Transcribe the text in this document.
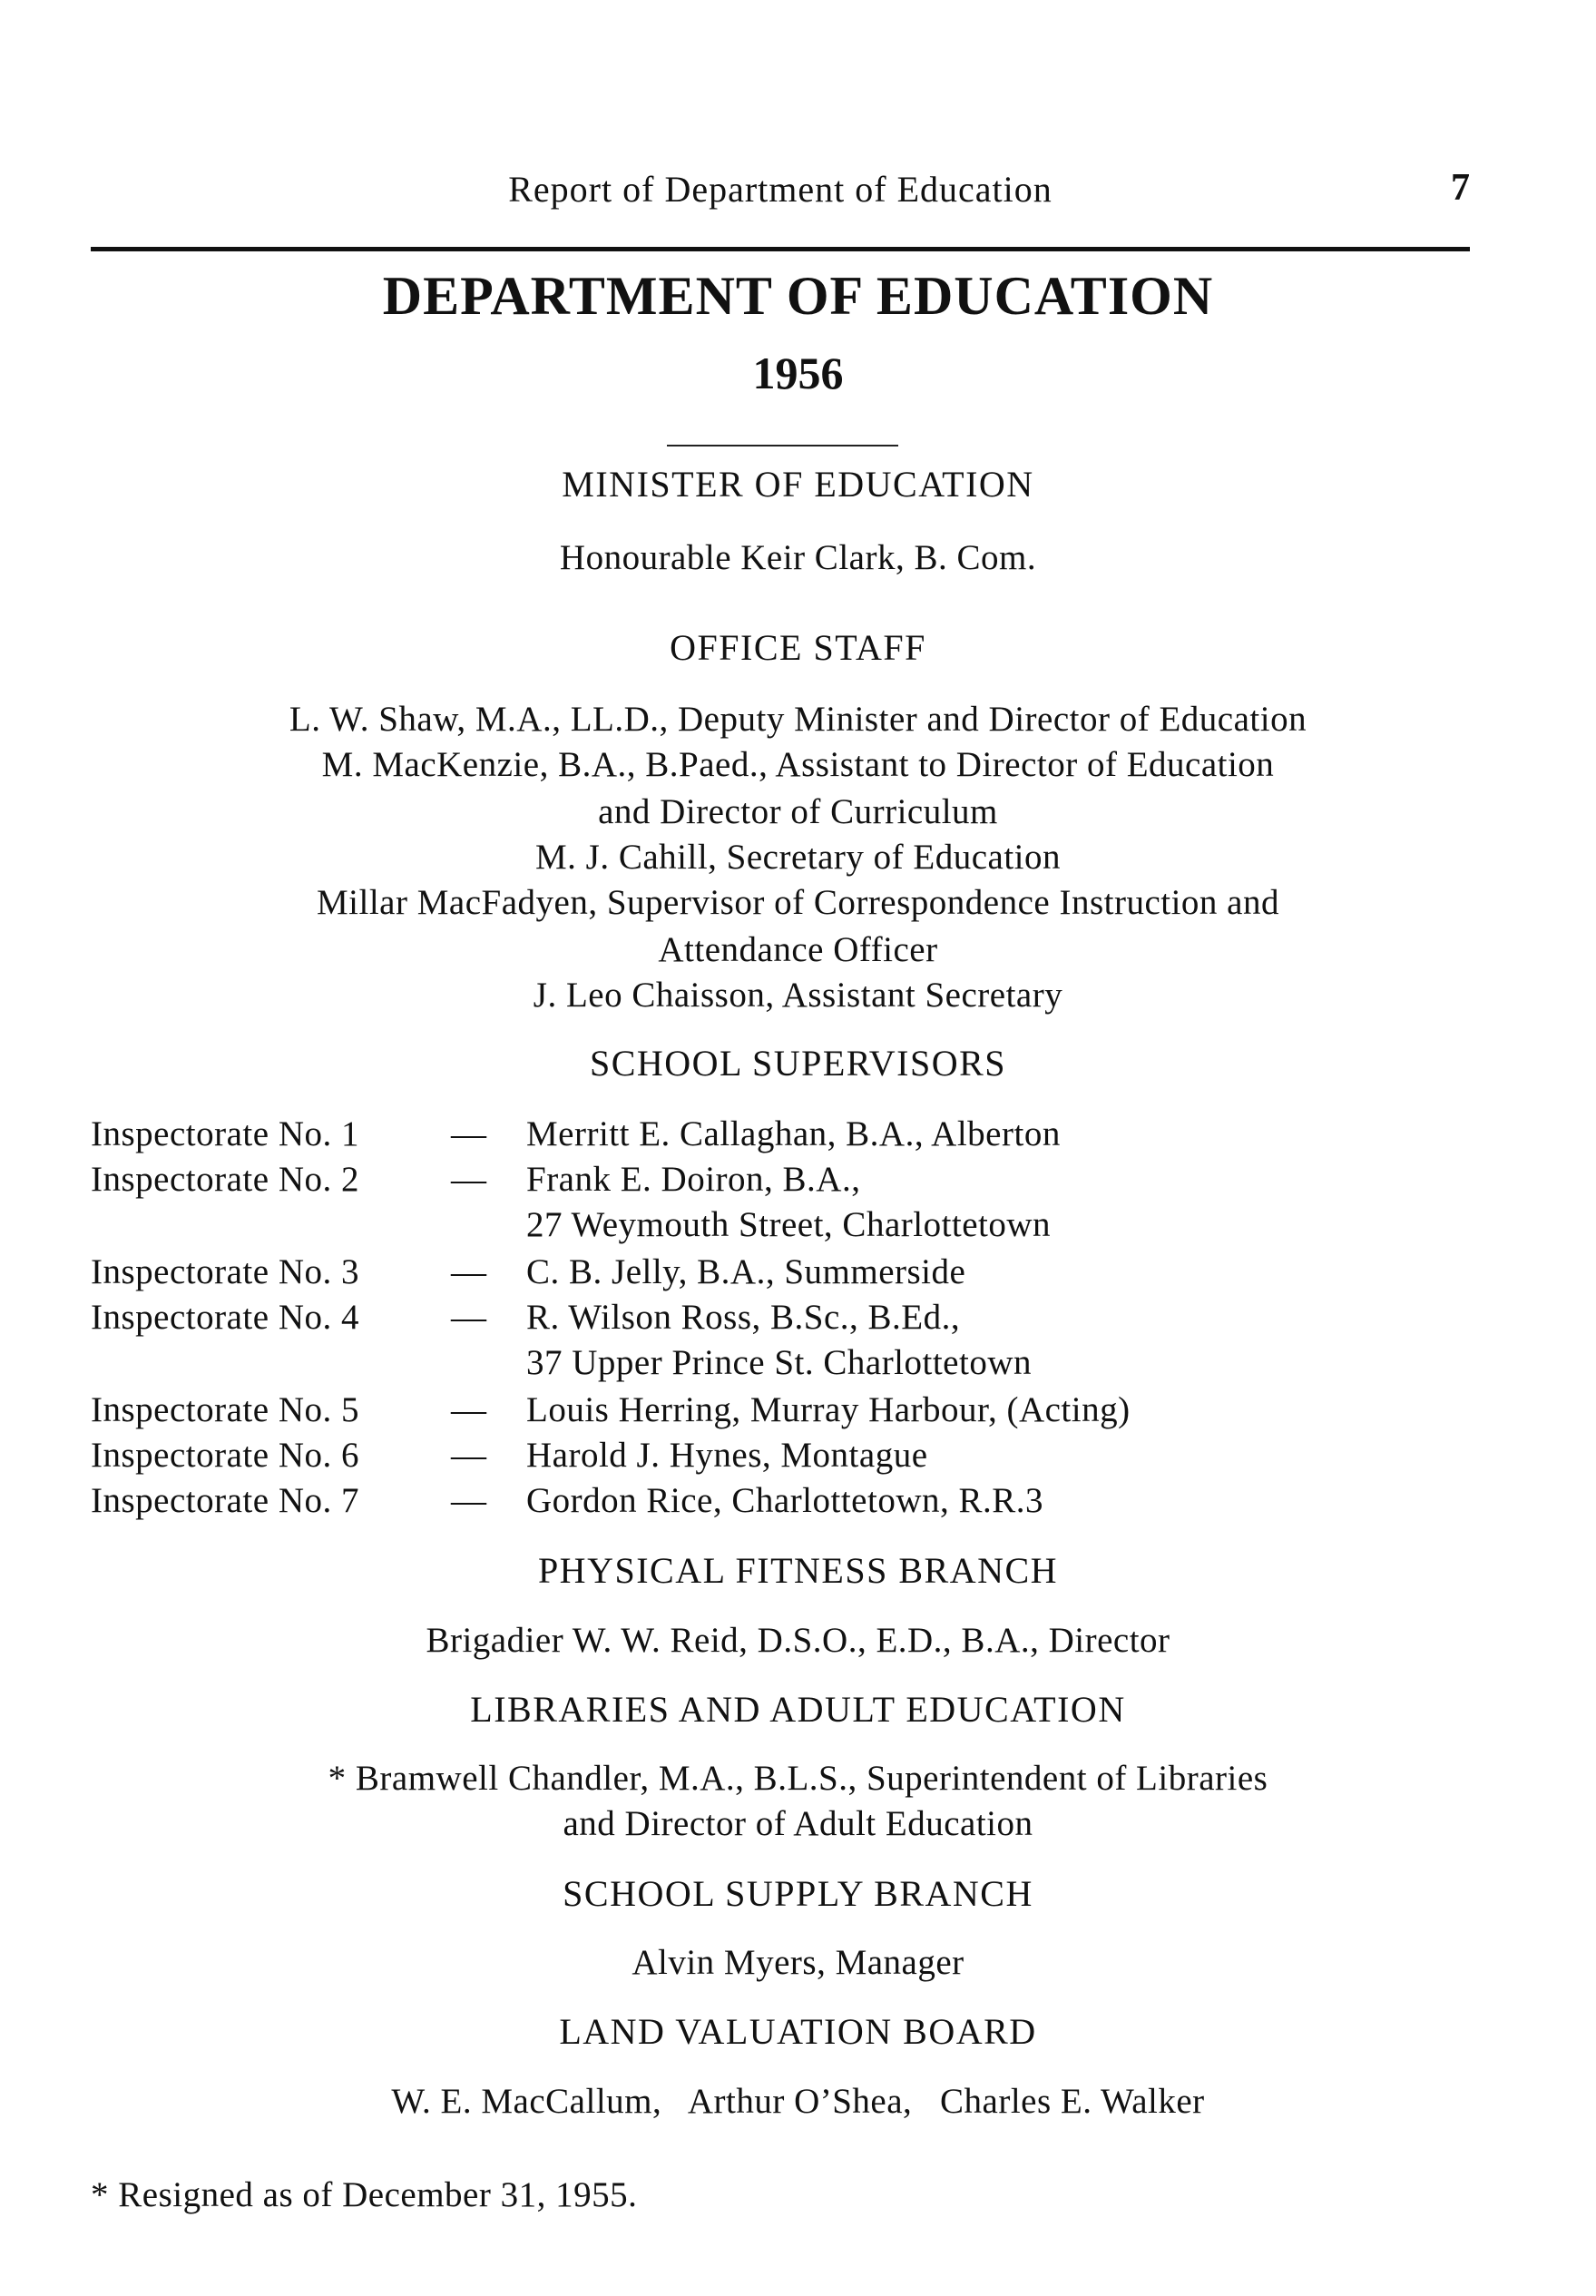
Report of Department of Education	7
DEPARTMENT OF EDUCATION
1956
MINISTER OF EDUCATION
Honourable Keir Clark, B. Com.
OFFICE STAFF
L. W. Shaw, M.A., LL.D., Deputy Minister and Director of Education
M. MacKenzie, B.A., B.Paed., Assistant to Director of Education
and Director of Curriculum
M. J. Cahill, Secretary of Education
Millar MacFadyen, Supervisor of Correspondence Instruction and
Attendance Officer
J. Leo Chaisson, Assistant Secretary
SCHOOL SUPERVISORS
Inspectorate No. 1	— Merritt E. Callaghan, B.A., Alberton
Inspectorate No. 2	— Frank E. Doiron, B.A.,
27 Weymouth Street, Charlottetown
Inspectorate No. 3	— C. B. Jelly, B.A., Summerside
Inspectorate No. 4	— R. Wilson Ross, B.Sc., B.Ed.,
37 Upper Prince St. Charlottetown
Inspectorate No. 5	— Louis Herring, Murray Harbour, (Acting)
Inspectorate No. 6	— Harold J. Hynes, Montague
Inspectorate No. 7	— Gordon Rice, Charlottetown, R.R.3
PHYSICAL FITNESS BRANCH
Brigadier W. W. Reid, D.S.O., E.D., B.A., Director
LIBRARIES AND ADULT EDUCATION
* Bramwell Chandler, M.A., B.L.S., Superintendent of Libraries
and Director of Adult Education
SCHOOL SUPPLY BRANCH
Alvin Myers, Manager
LAND VALUATION BOARD
W. E. MacCallum,   Arthur O’Shea,   Charles E. Walker
* Resigned as of December 31, 1955.
